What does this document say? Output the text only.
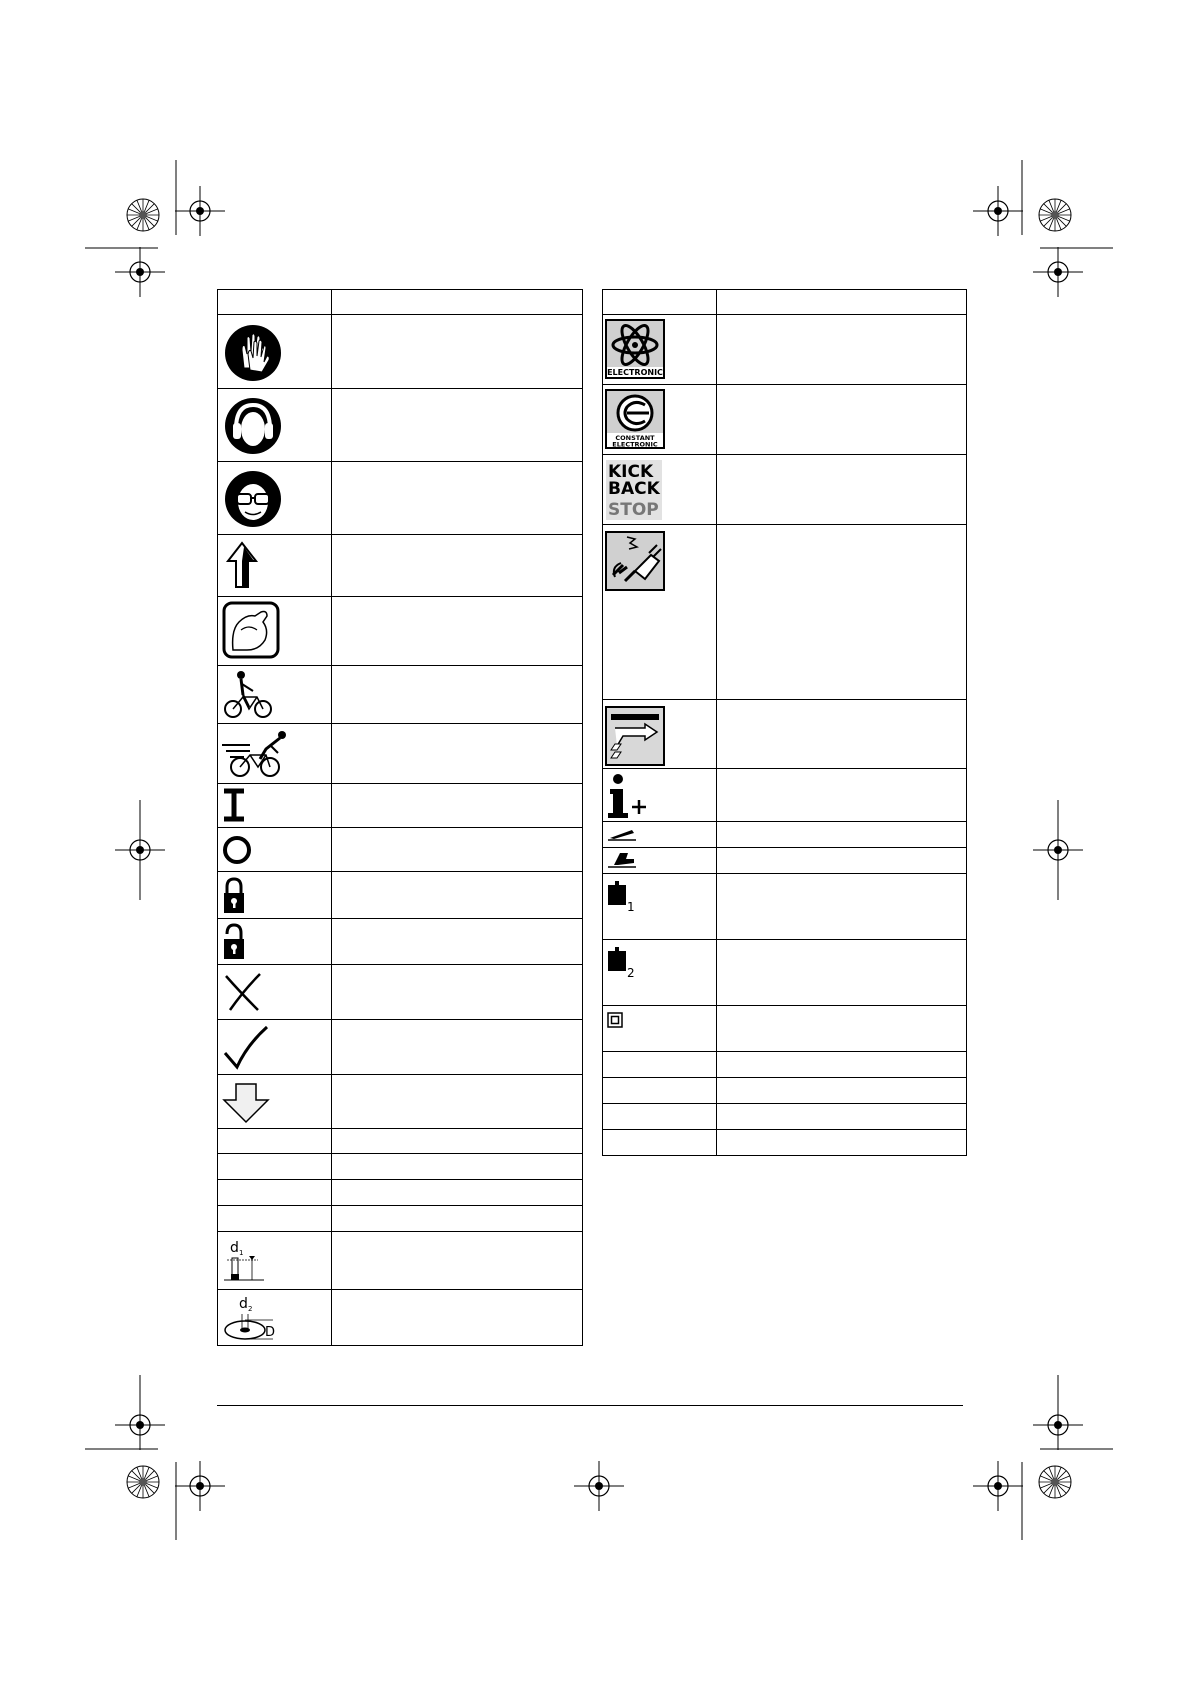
d 1	

d 2
D	

ELECTRONIC	

CONSTANT
ELECTRONIC	

KICK
BACK
STOP	

1	

2	
